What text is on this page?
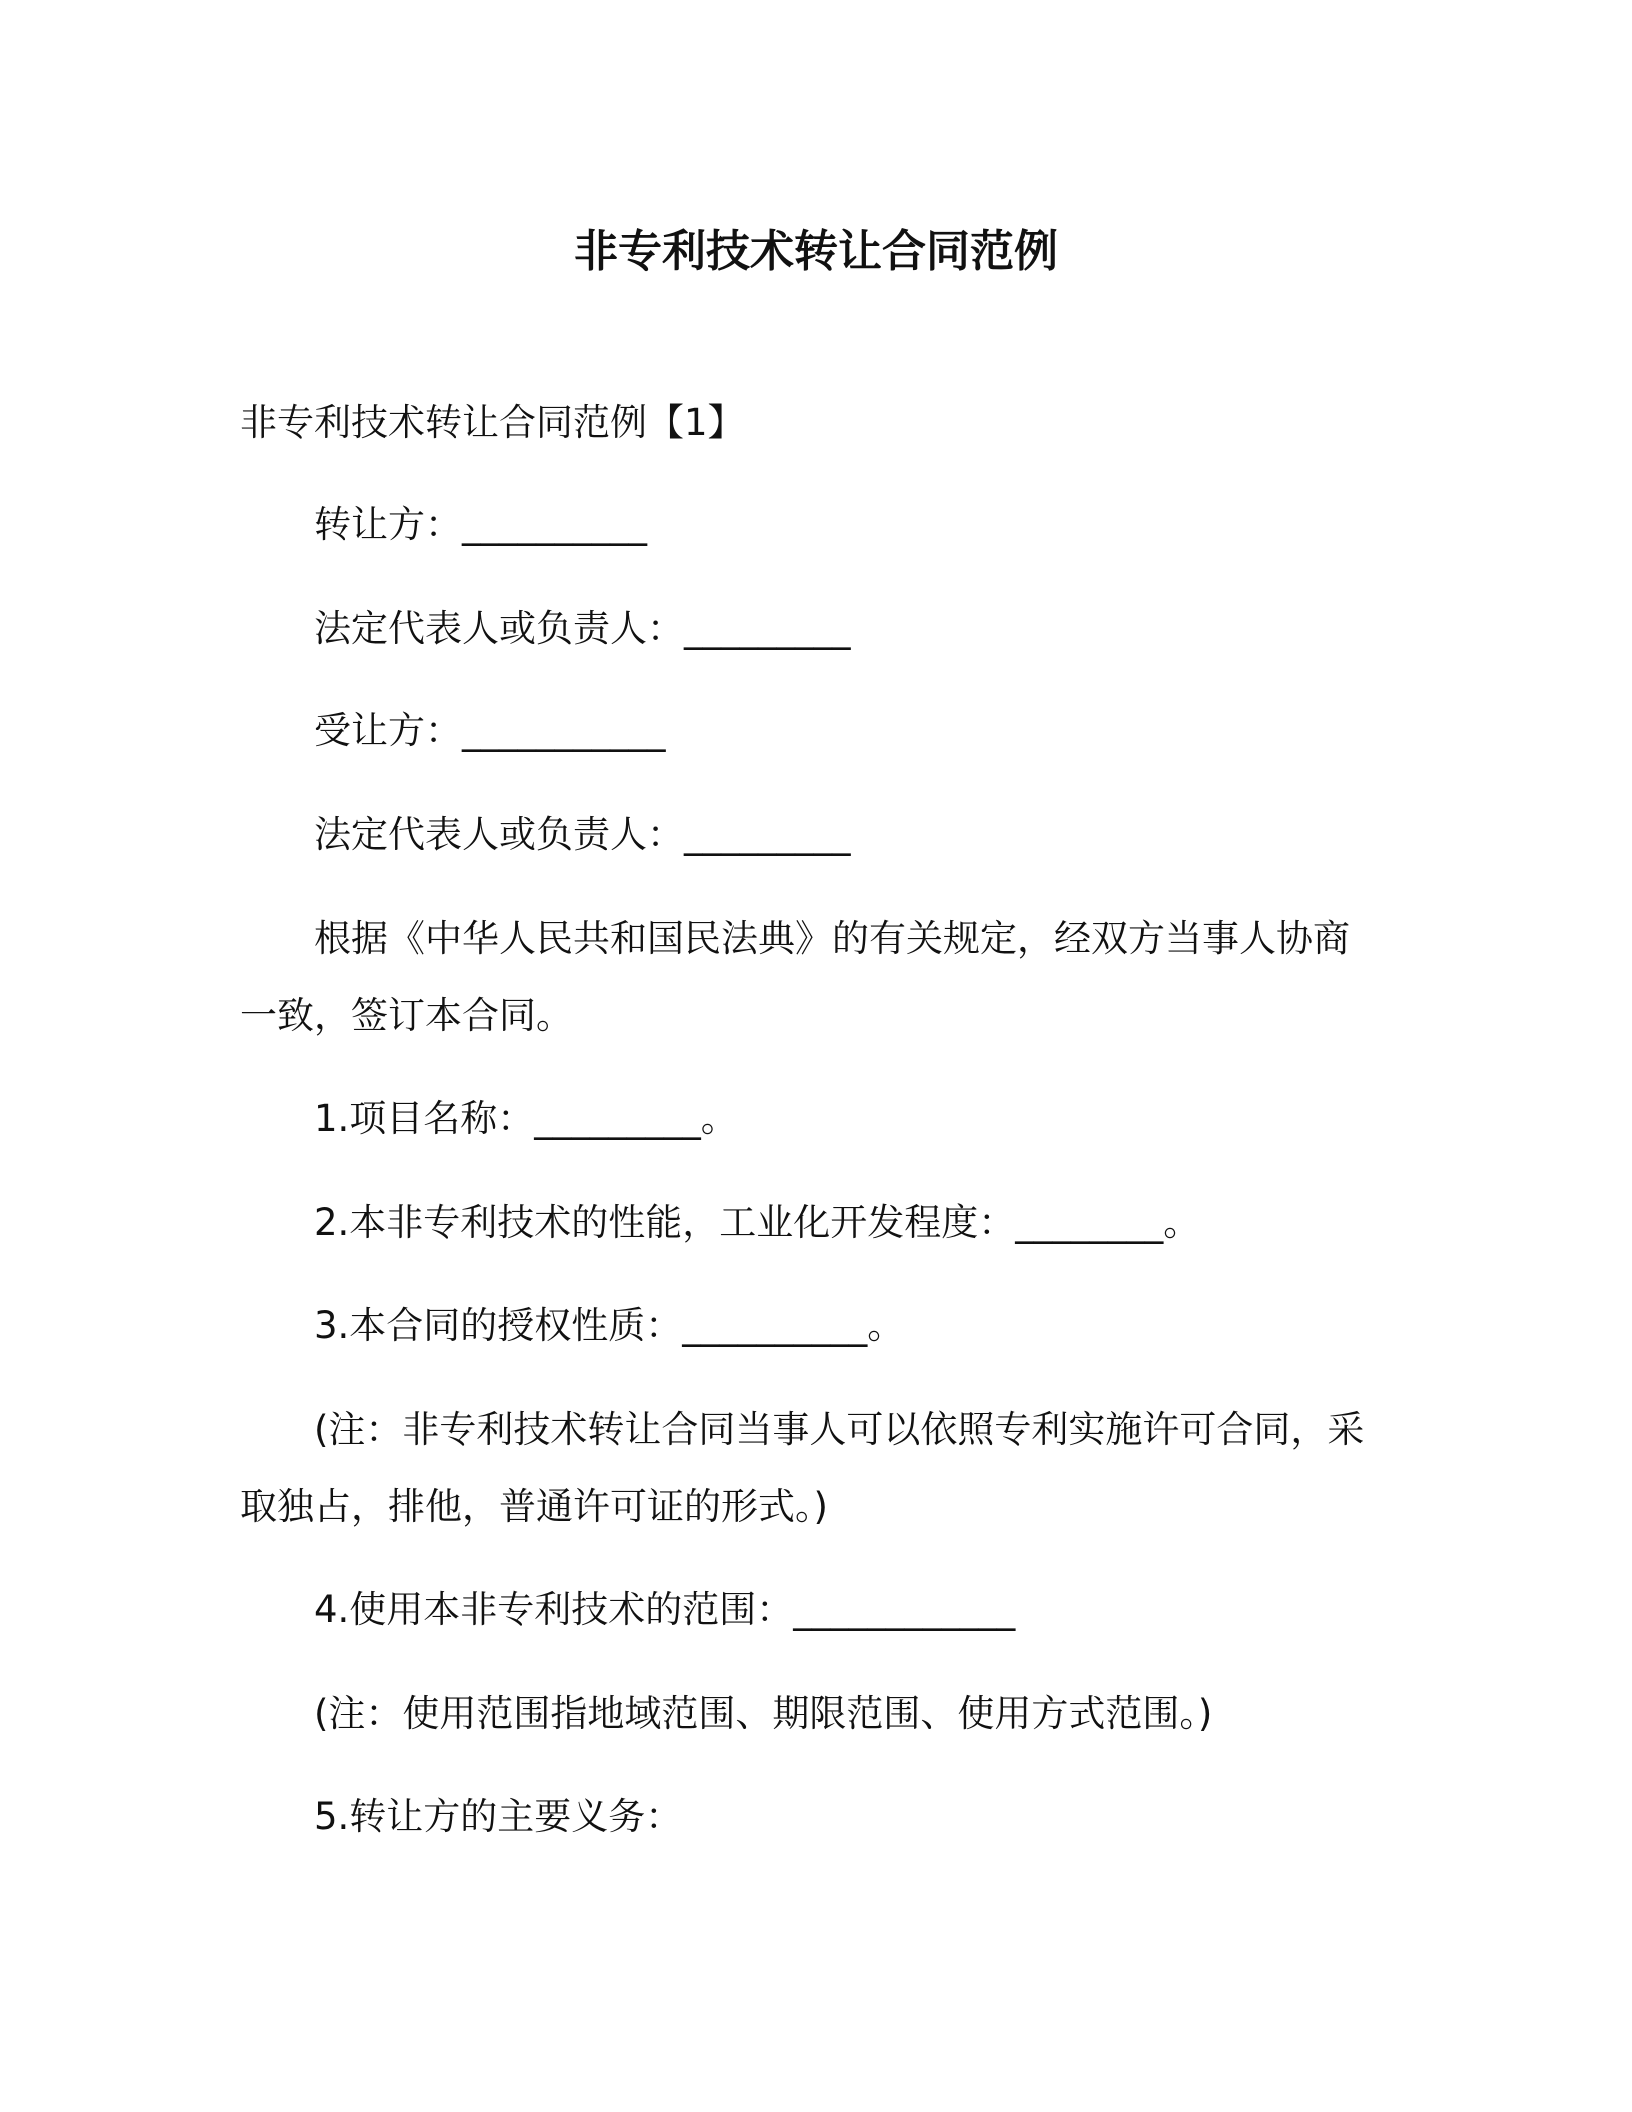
非专利技术转让合同范例
非专利技术转让合同范例【1】
转让方：__________
法定代表人或负责人：_________
受让方：___________
法定代表人或负责人：_________
根据《中华人民共和国民法典》的有关规定，经双方当事人协商
一致，签订本合同。
1.项目名称：_________。
2.本非专利技术的性能，工业化开发程度：________。
3.本合同的授权性质：__________。
(注：非专利技术转让合同当事人可以依照专利实施许可合同，采
取独占，排他，普通许可证的形式。)
4.使用本非专利技术的范围：____________
(注：使用范围指地域范围、期限范围、使用方式范围。)
5.转让方的主要义务：
